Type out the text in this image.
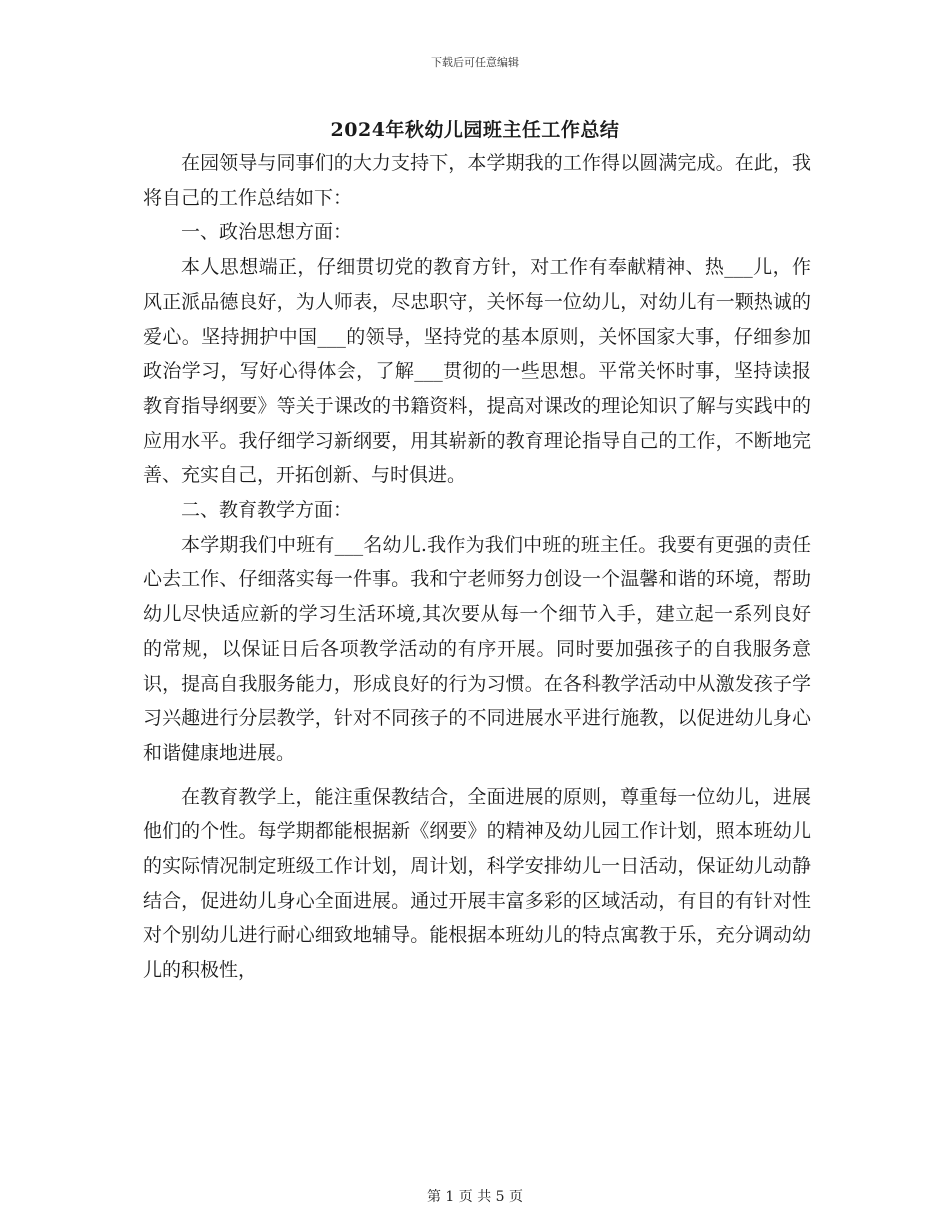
下载后可任意编辑
2024年秋幼儿园班主任工作总结

在园领导与同事们的大力支持下，本学期我的工作得以圆满完成。在此，我将自己的工作总结如下：

一、政治思想方面：

本人思想端正，仔细贯切党的教育方针，对工作有奉献精神、热___儿，作风正派品德良好，为人师表，尽忠职守，关怀每一位幼儿，对幼儿有一颗热诚的爱心。坚持拥护中国___的领导，坚持党的基本原则，关怀国家大事，仔细参加政治学习，写好心得体会，了解___贯彻的一些思想。平常关怀时事，坚持读报教育指导纲要》等关于课改的书籍资料，提高对课改的理论知识了解与实践中的应用水平。我仔细学习新纲要，用其崭新的教育理论指导自己的工作，不断地完善、充实自己，开拓创新、与时俱进。

二、教育教学方面：

本学期我们中班有___名幼儿.我作为我们中班的班主任。我要有更强的责任心去工作、仔细落实每一件事。我和宁老师努力创设一个温馨和谐的环境，帮助幼儿尽快适应新的学习生活环境,其次要从每一个细节入手，建立起一系列良好的常规，以保证日后各项教学活动的有序开展。同时要加强孩子的自我服务意识，提高自我服务能力，形成良好的行为习惯。在各科教学活动中从激发孩子学习兴趣进行分层教学，针对不同孩子的不同进展水平进行施教，以促进幼儿身心和谐健康地进展。

在教育教学上，能注重保教结合，全面进展的原则，尊重每一位幼儿，进展他们的个性。每学期都能根据新《纲要》的精神及幼儿园工作计划，照本班幼儿的实际情况制定班级工作计划，周计划，科学安排幼儿一日活动，保证幼儿动静结合，促进幼儿身心全面进展。通过开展丰富多彩的区域活动，有目的有针对性对个别幼儿进行耐心细致地辅导。能根据本班幼儿的特点寓教于乐，充分调动幼儿的积极性，

第 1 页 共 5 页
